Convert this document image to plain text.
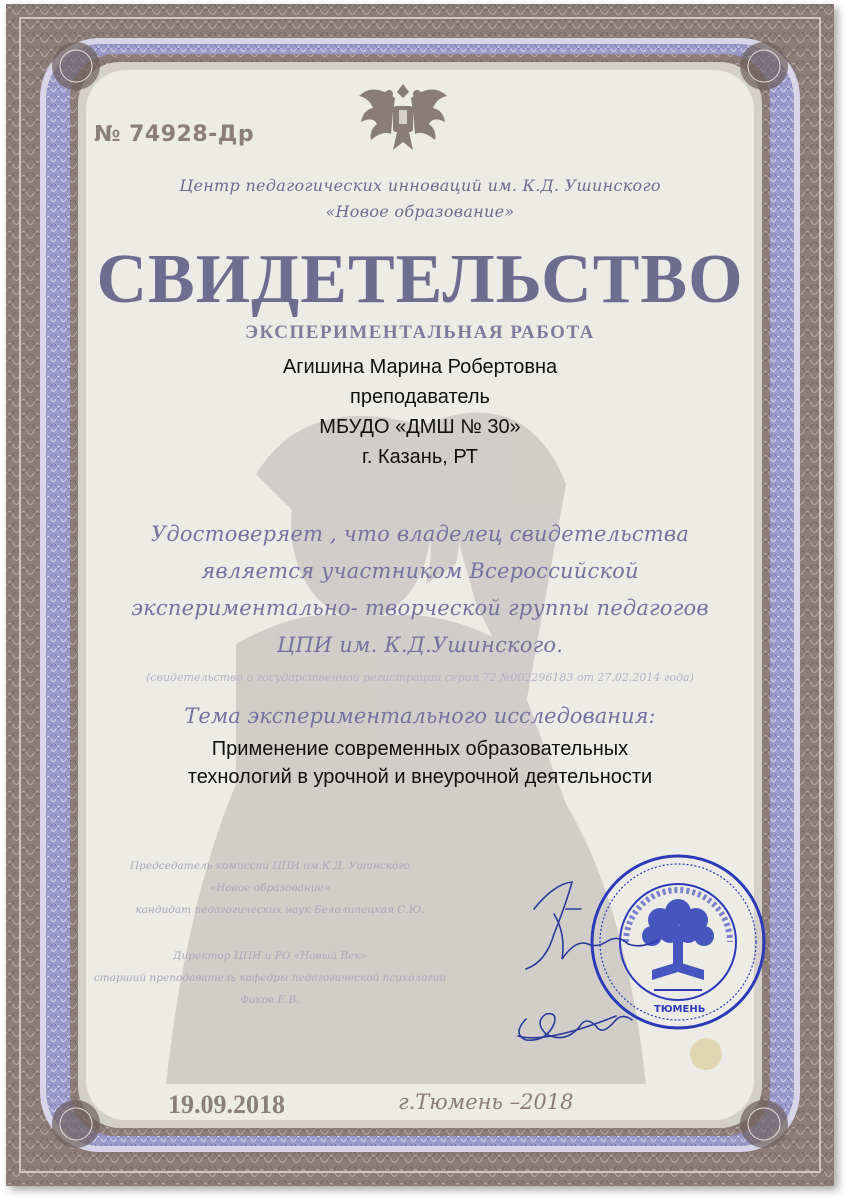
№ 74928-Др
Центр педагогических инноваций им. К.Д. Ушинского
«Новое образование»
СВИДЕТЕЛЬСТВО
ЭКСПЕРИМЕНТАЛЬНАЯ РАБОТА
Агишина Марина Робертовна
преподаватель
МБУДО «ДМШ № 30»
г. Казань, РТ
Удостоверяет , что владелец свидетельства
является участником Всероссийской
экспериментально- творческой группы педагогов
ЦПИ им. К.Д.Ушинского.
(свидетельство о государственной регистрации серия 72 №002296183 от 27.02.2014 года)
Тема экспериментального исследования:
Применение современных образовательных
технологий в урочной и внеурочной деятельности
Председатель комиссии ЦПИ им.К.Д. Ушинского
«Новое образование»
кандидат педагогических наук Белолипецкая С.Ю.
Директор ЦПИ и РО «Новый Век»
старший преподаватель кафедры педагогической психологии
Фоков Е.В.
ТЮМЕНЬ
19.09.2018	г.Тюмень –2018
